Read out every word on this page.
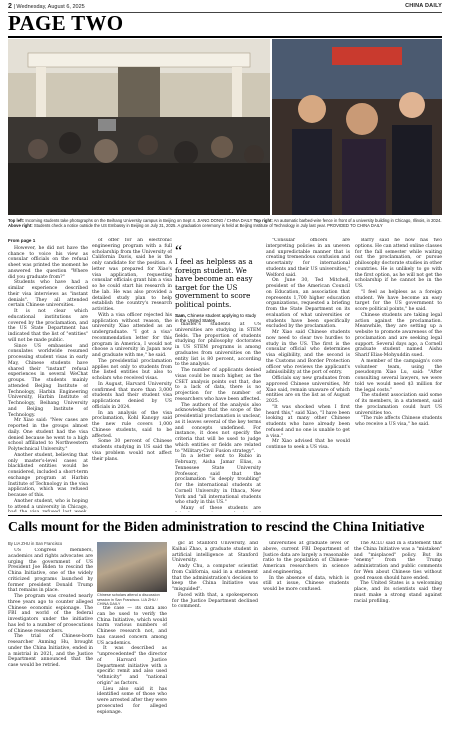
2 | Wednesday, August 6, 2025	CHINA DAILY
PAGE TWO
Top left: Incoming students take photographs on the Beihang University campus in Beijing on Sept 4. JIANG DONG / CHINA DAILY Top right: An automatic barbed-wire fence in front of a university building in Chicago, Illinois, in 2024. Above right: Students check a notice outside the US Embassy in Beijing on July 31, 2025. A graduation ceremony is held at Beijing Institute of Technology in July last year. PROVIDED TO CHINA DAILY
From page 1

However, he did not have the chance to voice his view as consular officials on the refusal sheet was printed the moment he answered the question "Where did you graduate from?"

Students who have had a similar experience described their visa interviews as "instant denials". They all attended certain Chinese universities.

It is not clear which educational institutions are covered by the proclamation, and the US State Department has indicated that the list of "entities" will not be made public.

Since US embassies and consulates worldwide resumed processing student visas in early May, Chinese students have shared their "instant" refusal experiences in several WeChat groups. The students mainly attended Beijing Institute of Technology, Harbin Engineering University, Harbin Institute of Technology, Beihang University and Beijing Institute of Technology.

Mr Xiao said: "New cases are reported in the groups almost daily. One student had the visa denied because he went to a high school affiliated to Northwestern Polytechnical University."

Another student, believing that only master's-level cases at blacklisted entities would be considered, included a short-term exchange program at Harbin Institute of Technology in the visa application, which was refused because of this.

Another student, who is hoping to attend a university in Chicago,

of offer for an electronic engineering program with a full scholarship from the University of California Davis, said he is the only candidate for the position. A letter was prepared for Xiao's visa application, requesting consular officials grant him a visa so he could start his research in the lab. He was also provided a detailed study plan to help establish the country's research activities.

With a visa officer rejected his application without reason, the university Xiao attended as an undergraduate. "I got a visa" recommendation letter for this program in America, I would not choose a university in Japan now and graduate with me," he said.

The presidential proclamation applies not only to students from the listed entities but also to scholars who received visas.

In August, Harvard University confirmed that more than 3,000 students had their student visa applications denied by US officials in 2024.

In an analysis of the visa proclamation, Kohl Kanopy said the new rule covers 1,000 Chinese students, said to be affected.

Some 30 percent of Chinese students studying in US said the visa problem would not affect their plans.

“
I feel as helpless as a foreign student. We have become an easy target for the US government to score political points.
Sam, Chinese student applying to study in the United States

master's students at US universities are studying in STEM fields. The proportion of students studying for philosophy doctorates in US STEM programs is among graduates from universities on the entity list is 80 percent, according to the analysis.

The number of applicants denied visas could be much higher, as the CSET analysis points out that, due to a lack of data, there is no projection for the number of researchers who have been affected.

The authors of the analysis also acknowledge that the scope of the presidential proclamation is unclear, as it leaves several of the key terms and concepts undefined. For instance, it does not specify the criteria that will be used to judge which entities or fields are related to "Military-Civil Fusion strategy".

In a letter sent to Rubio in February, Aisha Jamar Elias, a Tennessee State University Professor, said that the proclamation "is deeply troubling" for the international students at Cornell University in Ithaca, New York and "all international students who study in this US."

Many of these students are

"Consular officers are interpreting policies in an uneven and unpredictable manner that is creating tremendous confusion and uncertainty for international students and their US universities," Welford said.

On June 30, Ted Mitchell, president of the American Council on Education, an association that represents 1,700 higher education organizations, requested a briefing from the State Department on its evaluation of what universities or students have been specifically excluded by the proclamation.

Mr Xiao said Chinese students now need to clear two hurdles to study in the US. The first is the consular official who determines visa eligibility, and the second is the Customs and Border Protection officer who reviews the applicant's admissibility at the port of entry.

Officials say new graduates from approved Chinese universities, Mr Xiao said, remain unaware of which entities are on the list as of August 2025.

"It was shocked when I first heard this," said Xiao, "I have been looking at many other Chinese students who have already been refused and no one is unable to get a visa."

Mr Xiao advised that he would continue to seek a US visa.

Barry said he now has two options. He can attend online classes for the fall semester while waiting out the proclamation, or pursue philosophy doctorate studies in other countries. He is unlikely to go with the first option, as he will not get the scholarship if he cannot be in the US.

"I feel as helpless as a foreign student. We have become an easy target for the US government to score political points," he said.

Chinese students are taking legal action against the proclamation. Meanwhile, they are setting up a website to promote awareness of the proclamation and are seeking legal support. Several days ago, a Cornell graduate student named Aishu Sharif Elias-Mohyuddin sued.

A member of the campaign's core volunteer team, using the pseudonym Xiao Lu, said: "After consulting several lawyers, we were told we would need $3 million for the legal costs."

The student association said some of its members, in a statement, said the proclamation could hurt US universities too.

"The rule affects Chinese students who receive a US visa," he said.

Calls mount for the Biden administration to rescind the China Initiative
By LIA ZHU in San Francisco

US Congress members, academics and rights advocates are urging the government of US President Joe Biden to rescind the China Initiative, one of the widely criticized programs launched by former president Donald Trump that remains in place.

The program was created nearly three years ago to counter alleged Chinese economic espionage. The FBI and world of the federal investigators under the initiative has led to a number of prosecutions of Chinese researchers.

The trial of Chinese-born researcher Anming Hu, brought under the China Initiative, ended in a mistrial in 2021, and the Justice Department announced that the case would be retried.

Chinese scholars attend a discussion session in San Francisco. LIA ZHU / CHINA DAILY

the case — its data also can be used to verify the China Initiative, which would harm various numbers of Chinese research not, and has caused concern among US academics.

It was described as "unprecedented" the director of Harvard Justice Department initiative with a specific remit and also used "ethnicity" and "national origin" as factors.

Lieu also said it has identified some of those who were arrested after they were prosecuted for alleged espionage.

gic at Stanford University, and Kaihai Zhao, a graduate student in artificial intelligence at Stanford University.

Andy Chu, a computer scientist from California, said in a statement that the administration's decision to keep the China Initiative was "misguided".

Faced with that, a spokesperson for the Justice Department declined to comment.

universities at graduate level or above, current FBI Department of Justice data are largely a reasonable ratio to the population of Chinese-American researchers in science and engineering.

In the absence of data, which is still at issue, Chinese students would be more confused.

The ACLU said in a statement that the China Initiative was a "mistaken" and "misplaced" policy. But its "enemy" from the Trump administration and public comments for Wen about Chinese ties without good reason should have ended.

The United States is a welcoming place, and its scientists said they must make a strong stand against racial profiling.
